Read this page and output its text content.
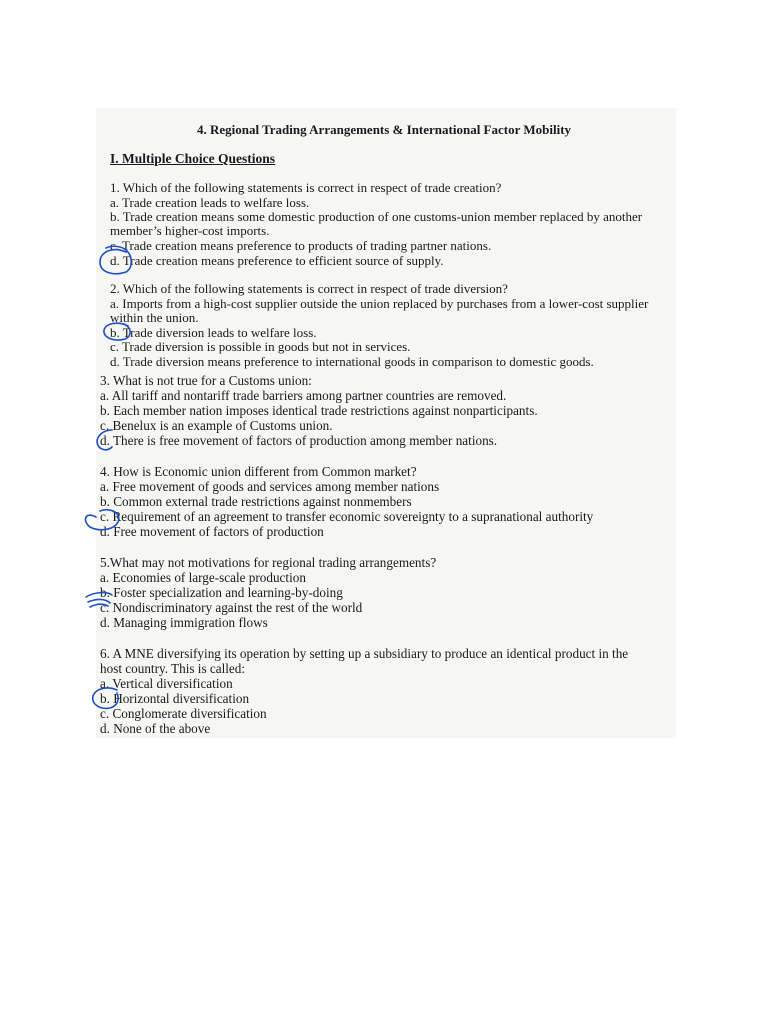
4. Regional Trading Arrangements & International Factor Mobility
I. Multiple Choice Questions
1. Which of the following statements is correct in respect of trade creation?
a. Trade creation leads to welfare loss.
b. Trade creation means some domestic production of one customs-union member replaced by another
member’s higher-cost imports.
c. Trade creation means preference to products of trading partner nations.
d. Trade creation means preference to efficient source of supply.
2. Which of the following statements is correct in respect of trade diversion?
a. Imports from a high-cost supplier outside the union replaced by purchases from a lower-cost supplier
within the union.
b. Trade diversion leads to welfare loss.
c. Trade diversion is possible in goods but not in services.
d. Trade diversion means preference to international goods in comparison to domestic goods.
3. What is not true for a Customs union:
a. All tariff and nontariff trade barriers among partner countries are removed.
b. Each member nation imposes identical trade restrictions against nonparticipants.
c. Benelux is an example of Customs union.
d. There is free movement of factors of production among member nations.
4. How is Economic union different from Common market?
a. Free movement of goods and services among member nations
b. Common external trade restrictions against nonmembers
c. Requirement of an agreement to transfer economic sovereignty to a supranational authority
d. Free movement of factors of production
5.What may not motivations for regional trading arrangements?
a. Economies of large-scale production
b. Foster specialization and learning-by-doing
c. Nondiscriminatory against the rest of the world
d. Managing immigration flows
6. A MNE diversifying its operation by setting up a subsidiary to produce an identical product in the
host country. This is called:
a. Vertical diversification
b. Horizontal diversification
c. Conglomerate diversification
d. None of the above
